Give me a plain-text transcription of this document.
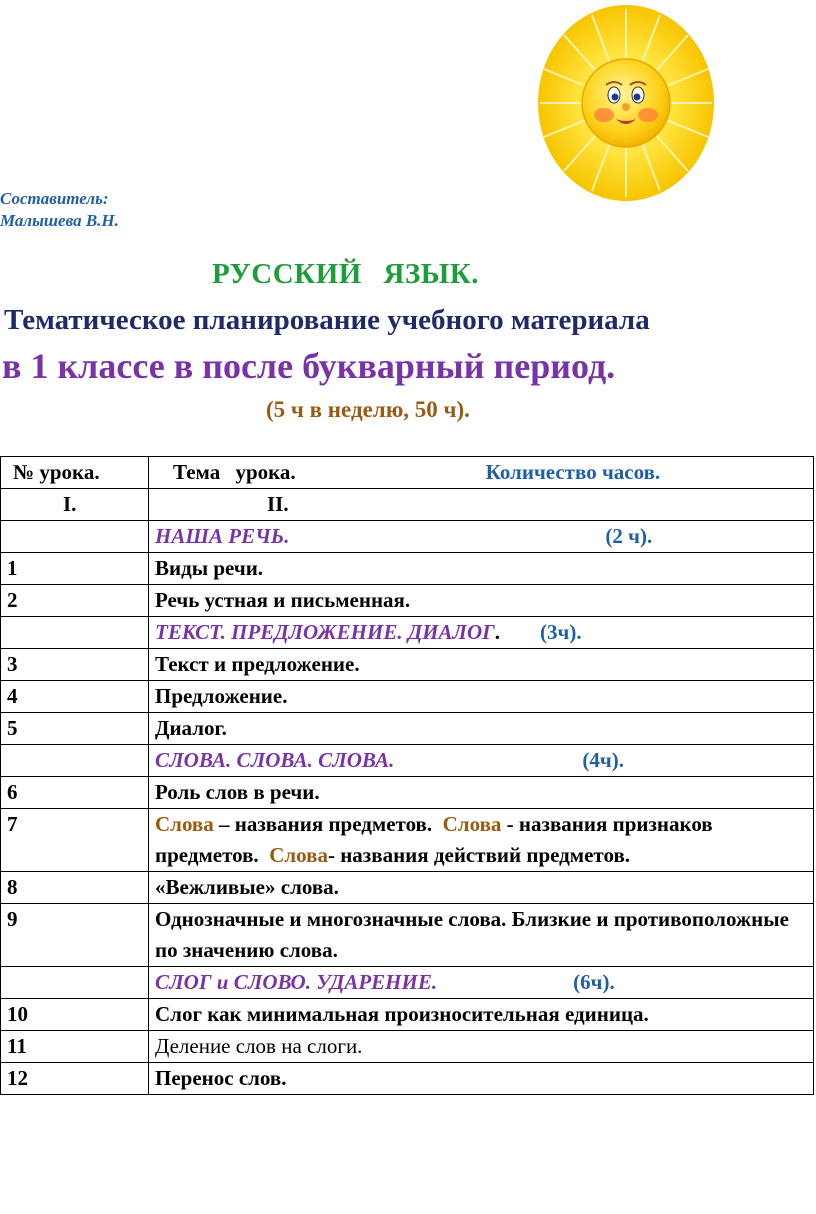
Составитель:
Малышева В.Н.
РУССКИЙ ЯЗЫК.
Тематическое планирование учебного материала
в 1 классе в после букварный период.
(5 ч в неделю, 50 ч).
№ урока.	Тема урока. Количество часов.
I.	II.
	НАША РЕЧЬ. (2 ч).
1	Виды речи.
2	Речь устная и письменная.
	ТЕКСТ. ПРЕДЛОЖЕНИЕ. ДИАЛОГ. (3ч).
3	Текст и предложение.
4	Предложение.
5	Диалог.
	СЛОВА. СЛОВА. СЛОВА. (4ч).
6	Роль слов в речи.
7	Слова – названия предметов. Слова - названия признаков предметов. Слова- названия действий предметов.
8	«Вежливые» слова.
9	Однозначные и многозначные слова. Близкие и противоположные по значению слова.
	СЛОГ и СЛОВО. УДАРЕНИЕ. (6ч).
10	Слог как минимальная произносительная единица.
11	Деление слов на слоги.
12	Перенос слов.
